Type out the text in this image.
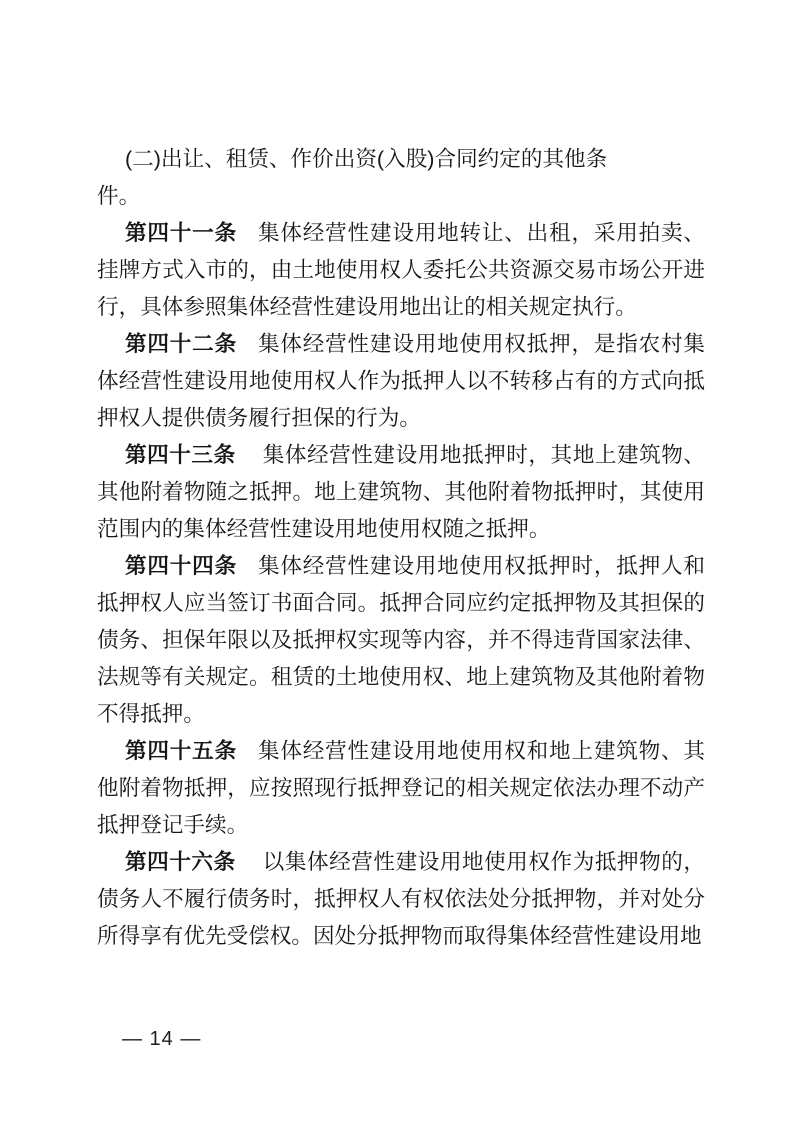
(二)出让、租赁、作价出资(入股)合同约定的其他条件。

第四十一条 集体经营性建设用地转让、出租，采用拍卖、挂牌方式入市的，由土地使用权人委托公共资源交易市场公开进行，具体参照集体经营性建设用地出让的相关规定执行。

第四十二条 集体经营性建设用地使用权抵押，是指农村集体经营性建设用地使用权人作为抵押人以不转移占有的方式向抵押权人提供债务履行担保的行为。

第四十三条 集体经营性建设用地抵押时，其地上建筑物、其他附着物随之抵押。地上建筑物、其他附着物抵押时，其使用范围内的集体经营性建设用地使用权随之抵押。

第四十四条 集体经营性建设用地使用权抵押时，抵押人和抵押权人应当签订书面合同。抵押合同应约定抵押物及其担保的债务、担保年限以及抵押权实现等内容，并不得违背国家法律、法规等有关规定。租赁的土地使用权、地上建筑物及其他附着物不得抵押。

第四十五条 集体经营性建设用地使用权和地上建筑物、其他附着物抵押，应按照现行抵押登记的相关规定依法办理不动产抵押登记手续。

第四十六条 以集体经营性建设用地使用权作为抵押物的，债务人不履行债务时，抵押权人有权依法处分抵押物，并对处分所得享有优先受偿权。因处分抵押物而取得集体经营性建设用地

— 14 —
